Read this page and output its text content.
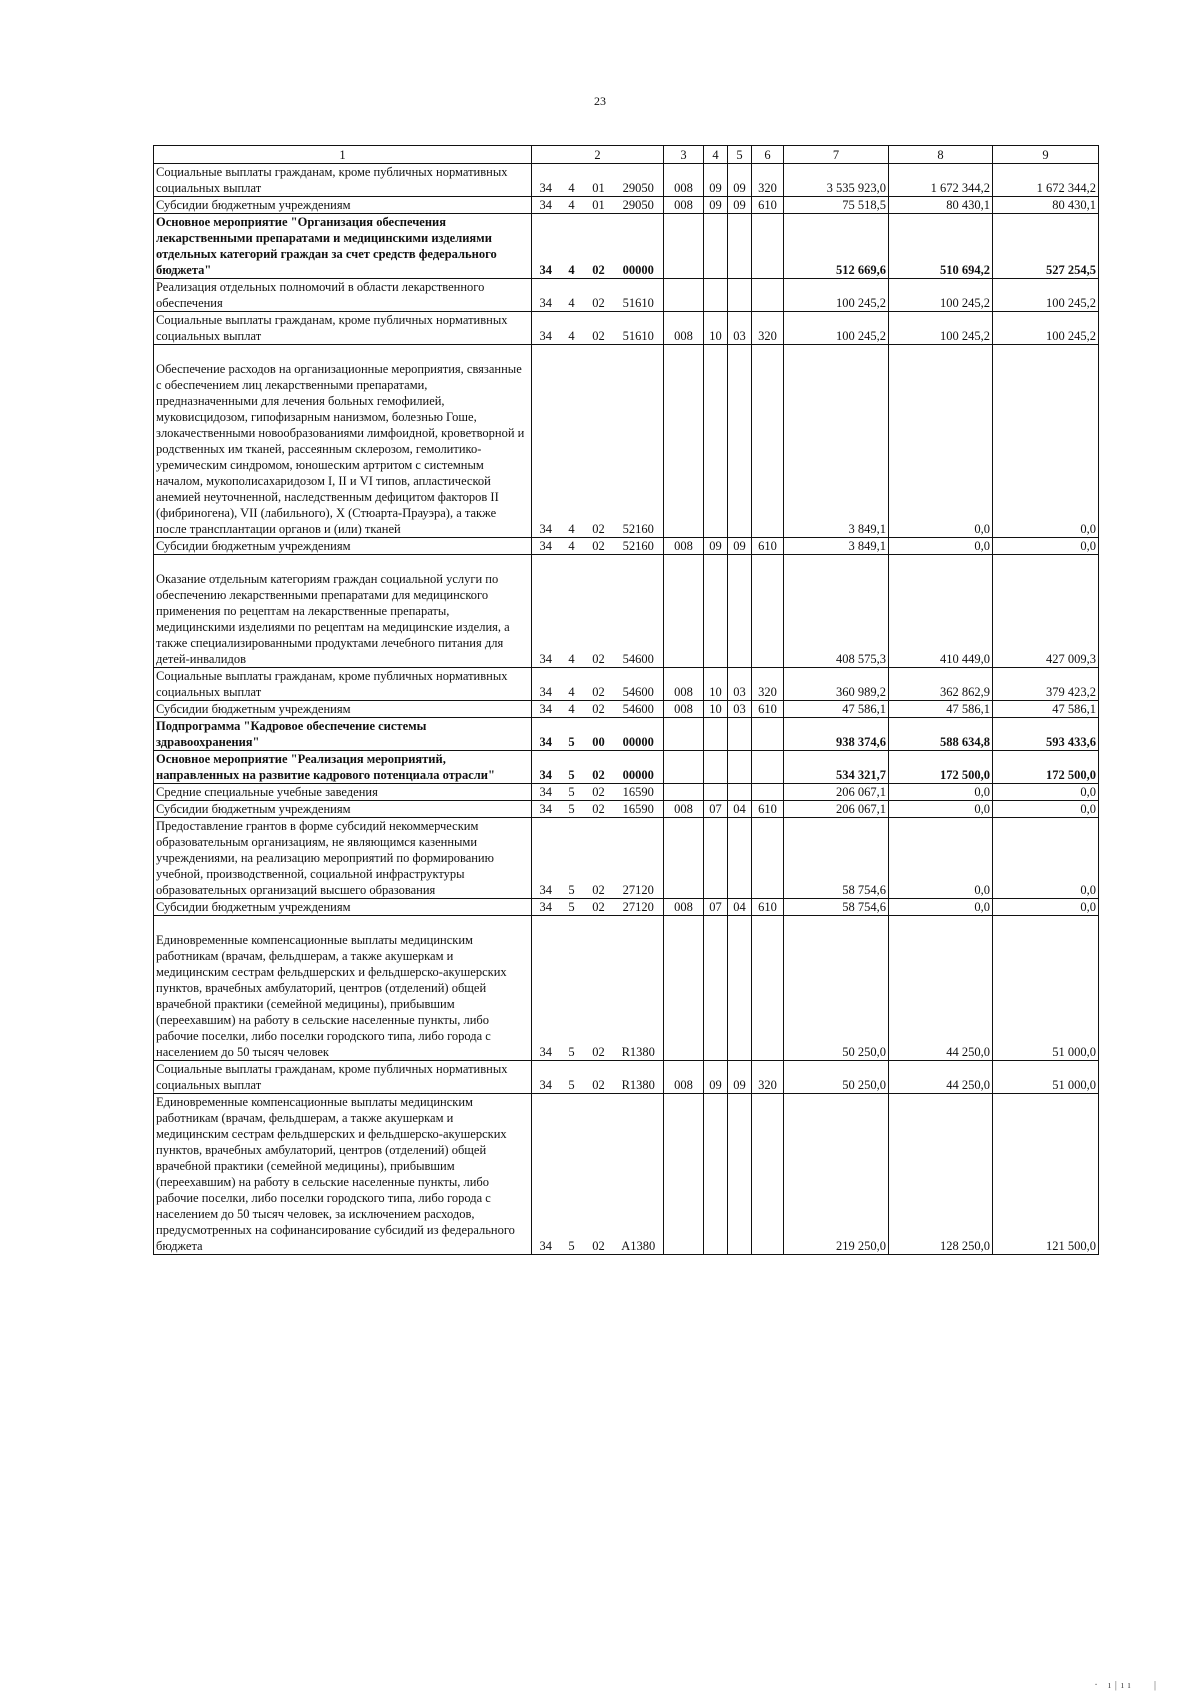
23
1	2				3	4	5	6	7	8	9
Социальные выплаты гражданам, кроме публичных нормативных социальных выплат	34	4	01	29050	008	09	09	320	3 535 923,0	1 672 344,2	1 672 344,2
Субсидии бюджетным учреждениям	34	4	01	29050	008	09	09	610	75 518,5	80 430,1	80 430,1
Основное мероприятие "Организация обеспечения лекарственными препаратами и медицинскими изделиями отдельных категорий граждан за счет средств федерального бюджета"	34	4	02	00000					512 669,6	510 694,2	527 254,5
Реализация отдельных полномочий в области лекарственного обеспечения	34	4	02	51610					100 245,2	100 245,2	100 245,2
Социальные выплаты гражданам, кроме публичных нормативных социальных выплат	34	4	02	51610	008	10	03	320	100 245,2	100 245,2	100 245,2
Обеспечение расходов на организационные мероприятия, связанные с обеспечением лиц лекарственными препаратами, предназначенными для лечения больных гемофилией, муковисцидозом, гипофизарным нанизмом, болезнью Гоше, злокачественными новообразованиями лимфоидной, кроветворной и родственных им тканей, рассеянным склерозом, гемолитико-уремическим синдромом, юношеским артритом с системным началом, мукополисахаридозом I, II и VI типов, апластической анемией неуточненной, наследственным дефицитом факторов II (фибриногена), VII (лабильного), X (Стюарта-Прауэра), а также после трансплантации органов и (или) тканей	34	4	02	52160					3 849,1	0,0	0,0
Субсидии бюджетным учреждениям	34	4	02	52160	008	09	09	610	3 849,1	0,0	0,0
Оказание отдельным категориям граждан социальной услуги по обеспечению лекарственными препаратами для медицинского применения по рецептам на лекарственные препараты, медицинскими изделиями по рецептам на медицинские изделия, а также специализированными продуктами лечебного питания для детей-инвалидов	34	4	02	54600					408 575,3	410 449,0	427 009,3
Социальные выплаты гражданам, кроме публичных нормативных социальных выплат	34	4	02	54600	008	10	03	320	360 989,2	362 862,9	379 423,2
Субсидии бюджетным учреждениям	34	4	02	54600	008	10	03	610	47 586,1	47 586,1	47 586,1
Подпрограмма "Кадровое обеспечение системы здравоохранения"	34	5	00	00000					938 374,6	588 634,8	593 433,6
Основное мероприятие "Реализация мероприятий, направленных на развитие кадрового потенциала отрасли"	34	5	02	00000					534 321,7	172 500,0	172 500,0
Средние специальные учебные заведения	34	5	02	16590					206 067,1	0,0	0,0
Субсидии бюджетным учреждениям	34	5	02	16590	008	07	04	610	206 067,1	0,0	0,0
Предоставление грантов в форме субсидий некоммерческим образовательным организациям, не являющимся казенными учреждениями, на реализацию мероприятий по формированию учебной, производственной, социальной инфраструктуры образовательных организаций высшего образования	34	5	02	27120					58 754,6	0,0	0,0
Субсидии бюджетным учреждениям	34	5	02	27120	008	07	04	610	58 754,6	0,0	0,0
Единовременные компенсационные выплаты медицинским работникам (врачам, фельдшерам, а также акушеркам и медицинским сестрам фельдшерских и фельдшерско-акушерских пунктов, врачебных амбулаторий, центров (отделений) общей врачебной практики (семейной медицины), прибывшим (переехавшим) на работу в сельские населенные пункты, либо рабочие поселки, либо поселки городского типа, либо города с населением до 50 тысяч человек	34	5	02	R1380					50 250,0	44 250,0	51 000,0
Социальные выплаты гражданам, кроме публичных нормативных социальных выплат	34	5	02	R1380	008	09	09	320	50 250,0	44 250,0	51 000,0
Единовременные компенсационные выплаты медицинским работникам (врачам, фельдшерам, а также акушеркам и медицинским сестрам фельдшерских и фельдшерско-акушерских пунктов, врачебных амбулаторий, центров (отделений) общей врачебной практики (семейной медицины), прибывшим (переехавшим) на работу в сельские населенные пункты, либо рабочие поселки, либо поселки городского типа, либо города с населением до 50 тысяч человек, за исключением расходов, предусмотренных на софинансирование субсидий из федерального бюджета	34	5	02	A1380					219 250,0	128 250,0	121 500,0
· ı|ıı   |
